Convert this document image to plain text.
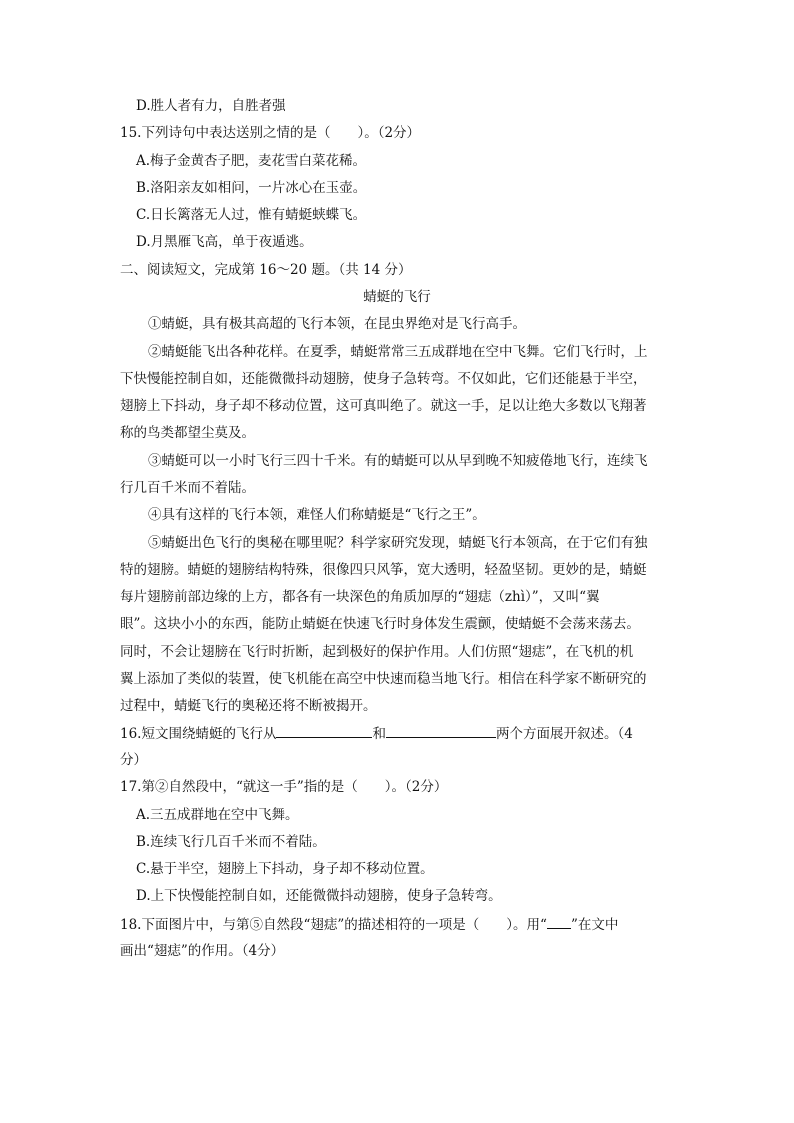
D.胜人者有力，自胜者强
15.下列诗句中表达送别之情的是（　　）。（2分）
A.梅子金黄杏子肥，麦花雪白菜花稀。
B.洛阳亲友如相问，一片冰心在玉壶。
C.日长篱落无人过，惟有蜻蜓蛱蝶飞。
D.月黑雁飞高，单于夜遁逃。
二、阅读短文，完成第 16～20 题。（共 14 分）
蜻蜓的飞行
①蜻蜓，具有极其高超的飞行本领，在昆虫界绝对是飞行高手。
②蜻蜓能飞出各种花样。在夏季，蜻蜓常常三五成群地在空中飞舞。它们飞行时，上
下快慢能控制自如，还能微微抖动翅膀，使身子急转弯。不仅如此，它们还能悬于半空，
翅膀上下抖动，身子却不移动位置，这可真叫绝了。就这一手，足以让绝大多数以飞翔著
称的鸟类都望尘莫及。
③蜻蜓可以一小时飞行三四十千米。有的蜻蜓可以从早到晚不知疲倦地飞行，连续飞
行几百千米而不着陆。
④具有这样的飞行本领，难怪人们称蜻蜓是“飞行之王”。
⑤蜻蜓出色飞行的奥秘在哪里呢？科学家研究发现，蜻蜓飞行本领高，在于它们有独
特的翅膀。蜻蜓的翅膀结构特殊，很像四只风筝，宽大透明，轻盈坚韧。更妙的是，蜻蜓
每片翅膀前部边缘的上方，都各有一块深色的角质加厚的“翅痣（zhì）”，又叫“翼
眼”。这块小小的东西，能防止蜻蜓在快速飞行时身体发生震颤，使蜻蜓不会荡来荡去。
同时，不会让翅膀在飞行时折断，起到极好的保护作用。人们仿照“翅痣”，在飞机的机
翼上添加了类似的装置，使飞机能在高空中快速而稳当地飞行。相信在科学家不断研究的
过程中，蜻蜓飞行的奥秘还将不断被揭开。
16.短文围绕蜻蜓的飞行从	和	两个方面展开叙述。（4
分）
17.第②自然段中，“就这一手”指的是（　　）。（2分）
A.三五成群地在空中飞舞。
B.连续飞行几百千米而不着陆。
C.悬于半空，翅膀上下抖动，身子却不移动位置。
D.上下快慢能控制自如，还能微微抖动翅膀，使身子急转弯。
18.下面图片中，与第⑤自然段“翅痣”的描述相符的一项是（　　）。用“ ”在文中
画出“翅痣”的作用。（4分）
